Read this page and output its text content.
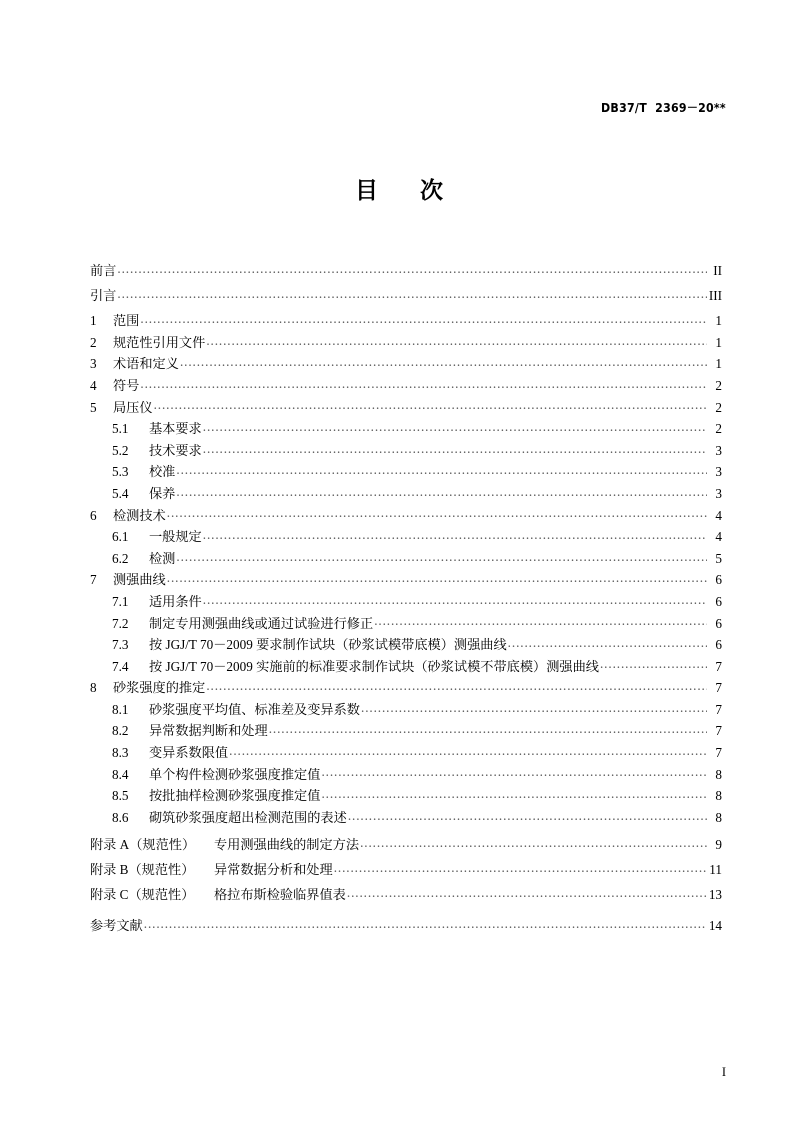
DB37/T  2369－20**
目    次
前言 .....	II
引言 .....	III
1	范围 .....	1
2	规范性引用文件 .....	1
3	术语和定义 .....	1
4	符号 .....	2
5	局压仪 .....	2
5.1	基本要求 .....	2
5.2	技术要求 .....	3
5.3	校准 .....	3
5.4	保养 .....	3
6	检测技术 .....	4
6.1	一般规定 .....	4
6.2	检测 .....	5
7	测强曲线 .....	6
7.1	适用条件 .....	6
7.2	制定专用测强曲线或通过试验进行修正 .....	6
7.3	按 JGJ/T 70－2009 要求制作试块（砂浆试模带底模）测强曲线 .....	6
7.4	按 JGJ/T 70－2009 实施前的标准要求制作试块（砂浆试模不带底模）测强曲线 .....	7
8	砂浆强度的推定 .....	7
8.1	砂浆强度平均值、标准差及变异系数 .....	7
8.2	异常数据判断和处理 .....	7
8.3	变异系数限值 .....	7
8.4	单个构件检测砂浆强度推定值 .....	8
8.5	按批抽样检测砂浆强度推定值 .....	8
8.6	砌筑砂浆强度超出检测范围的表述 .....	8
附录 A（规范性） 专用测强曲线的制定方法 .....	9
附录 B（规范性） 异常数据分析和处理 .....	11
附录 C（规范性） 格拉布斯检验临界值表 .....	13
参考文献 .....	14
I
